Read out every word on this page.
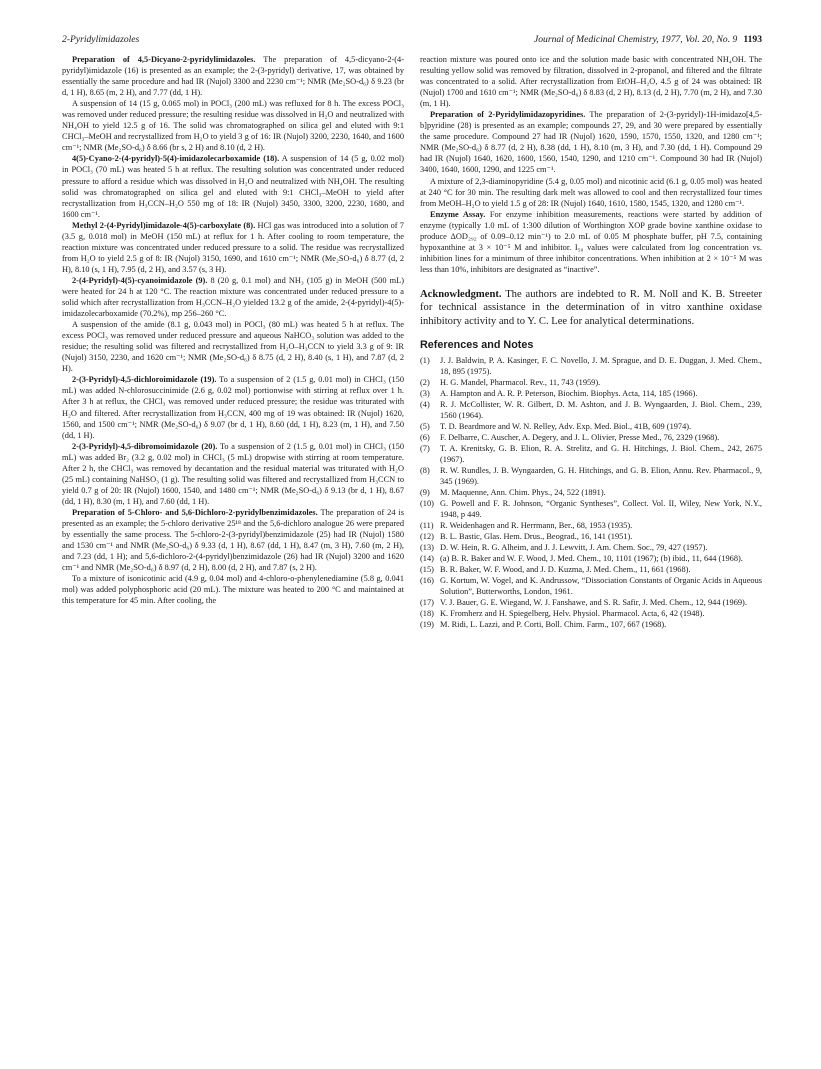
2-Pyridylimidazoles	Journal of Medicinal Chemistry, 1977, Vol. 20, No. 9 1193

Preparation of 4,5-Dicyano-2-pyridylimidazoles. The preparation of 4,5-dicyano-2-(4-pyridyl)imidazole (16) is presented as an example; the 2-(3-pyridyl) derivative, 17, was obtained by essentially the same procedure and had IR (Nujol) 3300 and 2230 cm⁻¹; NMR (Me₂SO-d₆) δ 9.23 (br d, 1 H), 8.65 (m, 2 H), and 7.77 (dd, 1 H).

A suspension of 14 (15 g, 0.065 mol) in POCl₃ (200 mL) was refluxed for 8 h. The excess POCl₃ was removed under reduced pressure; the resulting residue was dissolved in H₂O and neutralized with NH₄OH to yield 12.5 g of 16. The solid was chromatographed on silica gel and eluted with 9:1 CHCl₃–MeOH and recrystallized from H₂O to yield 3 g of 16: IR (Nujol) 3200, 2230, 1640, and 1600 cm⁻¹; NMR (Me₂SO-d₆) δ 8.66 (br s, 2 H) and 8.10 (d, 2 H).

4(5)-Cyano-2-(4-pyridyl)-5(4)-imidazolecarboxamide (18). A suspension of 14 (5 g, 0.02 mol) in POCl₃ (70 mL) was heated 5 h at reflux. The resulting solution was concentrated under reduced pressure to afford a residue which was dissolved in H₂O and neutralized with NH₄OH. The resulting solid was chromatographed on silica gel and eluted with 9:1 CHCl₃–MeOH to yield after recrystallization from H₃CCN–H₂O 550 mg of 18: IR (Nujol) 3450, 3300, 3200, 2230, 1680, and 1600 cm⁻¹.

Methyl 2-(4-Pyridyl)imidazole-4(5)-carboxylate (8). HCl gas was introduced into a solution of 7 (3.5 g, 0.018 mol) in MeOH (150 mL) at reflux for 1 h. After cooling to room temperature, the reaction mixture was concentrated under reduced pressure to a solid. The residue was recrystallized from H₂O to yield 2.5 g of 8: IR (Nujol) 3150, 1690, and 1610 cm⁻¹; NMR (Me₂SO-d₆) δ 8.77 (d, 2 H), 8.10 (s, 1 H), 7.95 (d, 2 H), and 3.57 (s, 3 H).

2-(4-Pyridyl)-4(5)-cyanoimidazole (9). 8 (20 g, 0.1 mol) and NH₃ (105 g) in MeOH (500 mL) were heated for 24 h at 120 °C. The reaction mixture was concentrated under reduced pressure to a solid which after recrystallization from H₃CCN–H₂O yielded 13.2 g of the amide, 2-(4-pyridyl)-4(5)-imidazolecarboxamide (70.2%), mp 256–260 °C.

A suspension of the amide (8.1 g, 0.043 mol) in POCl₃ (80 mL) was heated 5 h at reflux. The excess POCl₃ was removed under reduced pressure and aqueous NaHCO₃ solution was added to the residue; the resulting solid was filtered and recrystallized from H₂O–H₃CCN to yield 3.3 g of 9: IR (Nujol) 3150, 2230, and 1620 cm⁻¹; NMR (Me₂SO-d₆) δ 8.75 (d, 2 H), 8.40 (s, 1 H), and 7.87 (d, 2 H).

2-(3-Pyridyl)-4,5-dichloroimidazole (19). To a suspension of 2 (1.5 g, 0.01 mol) in CHCl₃ (150 mL) was added N-chlorosuccinimide (2.6 g, 0.02 mol) portionwise with stirring at reflux over 1 h. After 3 h at reflux, the CHCl₃ was removed under reduced pressure; the residue was triturated with H₂O and filtered. After recrystallization from H₃CCN, 400 mg of 19 was obtained: IR (Nujol) 1620, 1560, and 1500 cm⁻¹; NMR (Me₂SO-d₆) δ 9.07 (br d, 1 H), 8.60 (dd, 1 H), 8.23 (m, 1 H), and 7.50 (dd, 1 H).

2-(3-Pyridyl)-4,5-dibromoimidazole (20). To a suspension of 2 (1.5 g, 0.01 mol) in CHCl₃ (150 mL) was added Br₂ (3.2 g, 0.02 mol) in CHCl₃ (5 mL) dropwise with stirring at room temperature. After 2 h, the CHCl₃ was removed by decantation and the residual material was triturated with H₂O (25 mL) containing NaHSO₃ (1 g). The resulting solid was filtered and recrystallized from H₃CCN to yield 0.7 g of 20: IR (Nujol) 1600, 1540, and 1480 cm⁻¹; NMR (Me₂SO-d₆) δ 9.13 (br d, 1 H), 8.67 (dd, 1 H), 8.30 (m, 1 H), and 7.60 (dd, 1 H).

Preparation of 5-Chloro- and 5,6-Dichloro-2-pyridylbenzimidazoles. The preparation of 24 is presented as an example; the 5-chloro derivative 25¹⁸ and the 5,6-dichloro analogue 26 were prepared by essentially the same process. The 5-chloro-2-(3-pyridyl)benzimidazole (25) had IR (Nujol) 1580 and 1530 cm⁻¹ and NMR (Me₂SO-d₆) δ 9.33 (d, 1 H), 8.67 (dd, 1 H), 8.47 (m, 3 H), 7.60 (m, 2 H), and 7.23 (dd, 1 H); and 5,6-dichloro-2-(4-pyridyl)benzimidazole (26) had IR (Nujol) 3200 and 1620 cm⁻¹ and NMR (Me₂SO-d₆) δ 8.97 (d, 2 H), 8.00 (d, 2 H), and 7.87 (s, 2 H).

To a mixture of isonicotinic acid (4.9 g, 0.04 mol) and 4-chloro-o-phenylenediamine (5.8 g, 0.041 mol) was added polyphosphoric acid (20 mL). The mixture was heated to 200 °C and maintained at this temperature for 45 min. After cooling, the

reaction mixture was poured onto ice and the solution made basic with concentrated NH₄OH. The resulting yellow solid was removed by filtration, dissolved in 2-propanol, and filtered and the filtrate was concentrated to a solid. After recrystallization from EtOH–H₂O, 4.5 g of 24 was obtained: IR (Nujol) 1700 and 1610 cm⁻¹; NMR (Me₂SO-d₆) δ 8.83 (d, 2 H), 8.13 (d, 2 H), 7.70 (m, 2 H), and 7.30 (m, 1 H).

Preparation of 2-Pyridylimidazopyridines. The preparation of 2-(3-pyridyl)-1H-imidazo[4,5-b]pyridine (28) is presented as an example; compounds 27, 29, and 30 were prepared by essentially the same procedure. Compound 27 had IR (Nujol) 1620, 1590, 1570, 1550, 1320, and 1280 cm⁻¹; NMR (Me₂SO-d₆) δ 8.77 (d, 2 H), 8.38 (dd, 1 H), 8.10 (m, 3 H), and 7.30 (dd, 1 H). Compound 29 had IR (Nujol) 1640, 1620, 1600, 1560, 1540, 1290, and 1210 cm⁻¹. Compound 30 had IR (Nujol) 3400, 1640, 1600, 1290, and 1225 cm⁻¹.

A mixture of 2,3-diaminopyridine (5.4 g, 0.05 mol) and nicotinic acid (6.1 g, 0.05 mol) was heated at 240 °C for 30 min. The resulting dark melt was allowed to cool and then recrystallized four times from MeOH–H₂O to yield 1.5 g of 28: IR (Nujol) 1640, 1610, 1580, 1545, 1320, and 1280 cm⁻¹.

Enzyme Assay. For enzyme inhibition measurements, reactions were started by addition of enzyme (typically 1.0 mL of 1:300 dilution of Worthington XOP grade bovine xanthine oxidase to produce ΔOD₂₉₂ of 0.09–0.12 min⁻¹) to 2.0 mL of 0.05 M phosphate buffer, pH 7.5, containing hypoxanthine at 3 × 10⁻⁵ M and inhibitor. I₅₀ values were calculated from log concentration vs. inhibition lines for a minimum of three inhibitor concentrations. When inhibition at 2 × 10⁻⁵ M was less than 10%, inhibitors are designated as “inactive”.

Acknowledgment. The authors are indebted to R. M. Noll and K. B. Streeter for technical assistance in the determination of in vitro xanthine oxidase inhibitory activity and to Y. C. Lee for analytical determinations.

References and Notes
(1)	J. J. Baldwin, P. A. Kasinger, F. C. Novello, J. M. Sprague, and D. E. Duggan, J. Med. Chem., 18, 895 (1975).
(2)	H. G. Mandel, Pharmacol. Rev., 11, 743 (1959).
(3)	A. Hampton and A. R. P. Peterson, Biochim. Biophys. Acta, 114, 185 (1966).
(4)	R. J. McCollister, W. R. Gilbert, D. M. Ashton, and J. B. Wyngaarden, J. Biol. Chem., 239, 1560 (1964).
(5)	T. D. Beardmore and W. N. Relley, Adv. Exp. Med. Biol., 41B, 609 (1974).
(6)	F. Delbarre, C. Auscher, A. Degery, and J. L. Olivier, Presse Med., 76, 2329 (1968).
(7)	T. A. Krenitsky, G. B. Elion, R. A. Strelitz, and G. H. Hitchings, J. Biol. Chem., 242, 2675 (1967).
(8)	R. W. Rundles, J. B. Wyngaarden, G. H. Hitchings, and G. B. Elion, Annu. Rev. Pharmacol., 9, 345 (1969).
(9)	M. Maquenne, Ann. Chim. Phys., 24, 522 (1891).
(10) G. Powell and F. R. Johnson, “Organic Syntheses”, Collect. Vol. II, Wiley, New York, N.Y., 1948, p 449.
(11) R. Weidenhagen and R. Herrmann, Ber., 68, 1953 (1935).
(12) B. L. Bastic, Glas. Hem. Drus., Beograd., 16, 141 (1951).
(13) D. W. Hein, R. G. Alheim, and J. J. Lewvitt, J. Am. Chem. Soc., 79, 427 (1957).
(14) (a) B. R. Baker and W. F. Wood, J. Med. Chem., 10, 1101 (1967); (b) ibid., 11, 644 (1968).
(15) B. R. Baker, W. F. Wood, and J. D. Kuzma, J. Med. Chem., 11, 661 (1968).
(16) G. Kortum, W. Vogel, and K. Andrussow, “Dissociation Constants of Organic Acids in Aqueous Solution”, Butterworths, London, 1961.
(17) V. J. Bauer, G. E. Wiegand, W. J. Fanshawe, and S. R. Safir, J. Med. Chem., 12, 944 (1969).
(18) K. Fromherz and H. Spiegelberg, Helv. Physiol. Pharmacol. Acta, 6, 42 (1948).
(19) M. Ridi, L. Lazzi, and P. Corti, Boll. Chim. Farm., 107, 667 (1968).
